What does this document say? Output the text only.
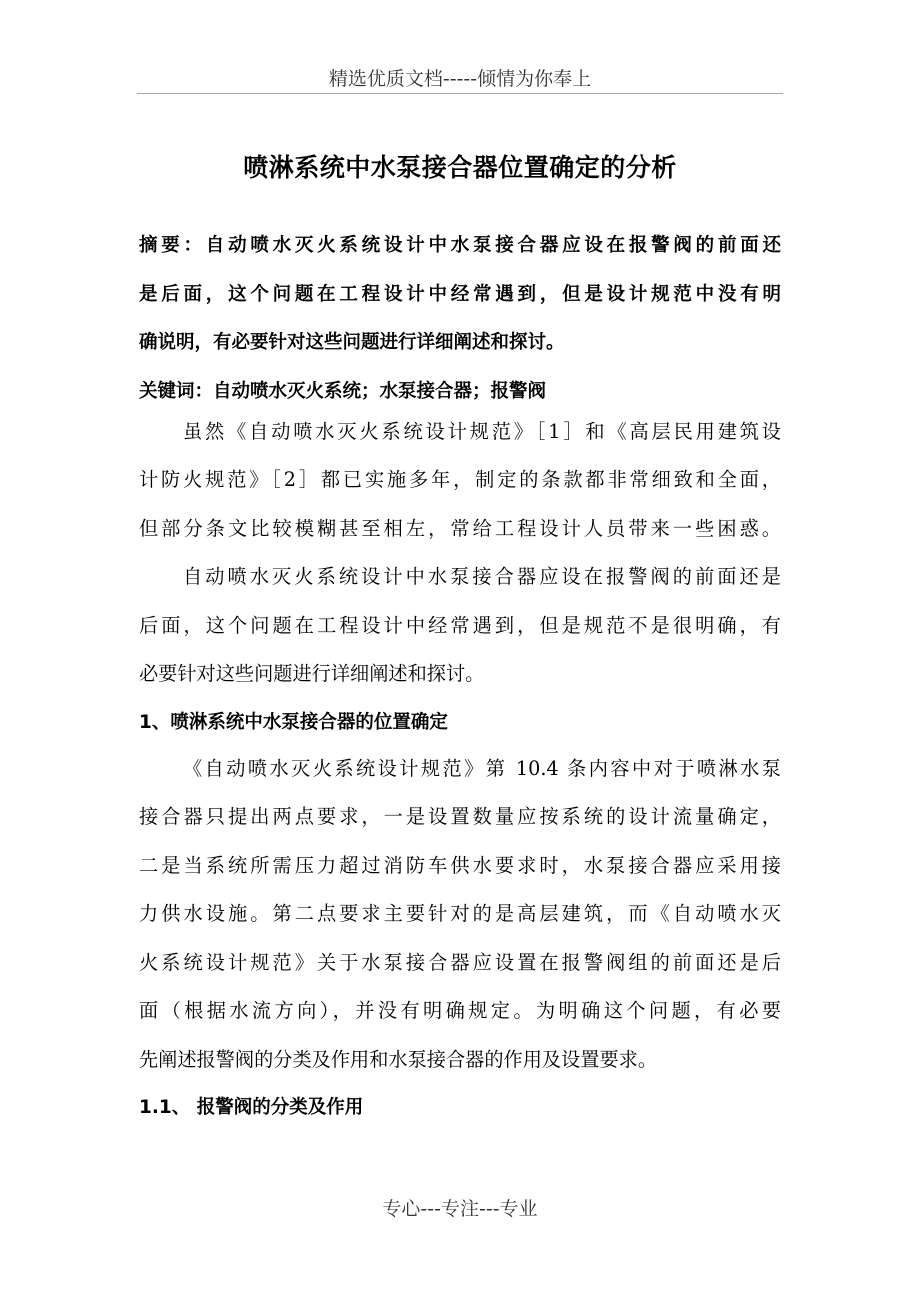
精选优质文档-----倾情为你奉上
喷淋系统中水泵接合器位置确定的分析
摘要：自动喷水灭火系统设计中水泵接合器应设在报警阀的前面还
是后面，这个问题在工程设计中经常遇到，但是设计规范中没有明
确说明，有必要针对这些问题进行详细阐述和探讨。
关键词：自动喷水灭火系统；水泵接合器；报警阀
虽然《自动喷水灭火系统设计规范》［1］和《高层民用建筑设
计防火规范》［2］都已实施多年，制定的条款都非常细致和全面，
但部分条文比较模糊甚至相左，常给工程设计人员带来一些困惑。
自动喷水灭火系统设计中水泵接合器应设在报警阀的前面还是
后面，这个问题在工程设计中经常遇到，但是规范不是很明确，有
必要针对这些问题进行详细阐述和探讨。
1、喷淋系统中水泵接合器的位置确定
《自动喷水灭火系统设计规范》第 10.4 条内容中对于喷淋水泵
接合器只提出两点要求，一是设置数量应按系统的设计流量确定，
二是当系统所需压力超过消防车供水要求时，水泵接合器应采用接
力供水设施。第二点要求主要针对的是高层建筑，而《自动喷水灭
火系统设计规范》关于水泵接合器应设置在报警阀组的前面还是后
面（根据水流方向），并没有明确规定。为明确这个问题，有必要
先阐述报警阀的分类及作用和水泵接合器的作用及设置要求。
1.1、 报警阀的分类及作用
专心---专注---专业
